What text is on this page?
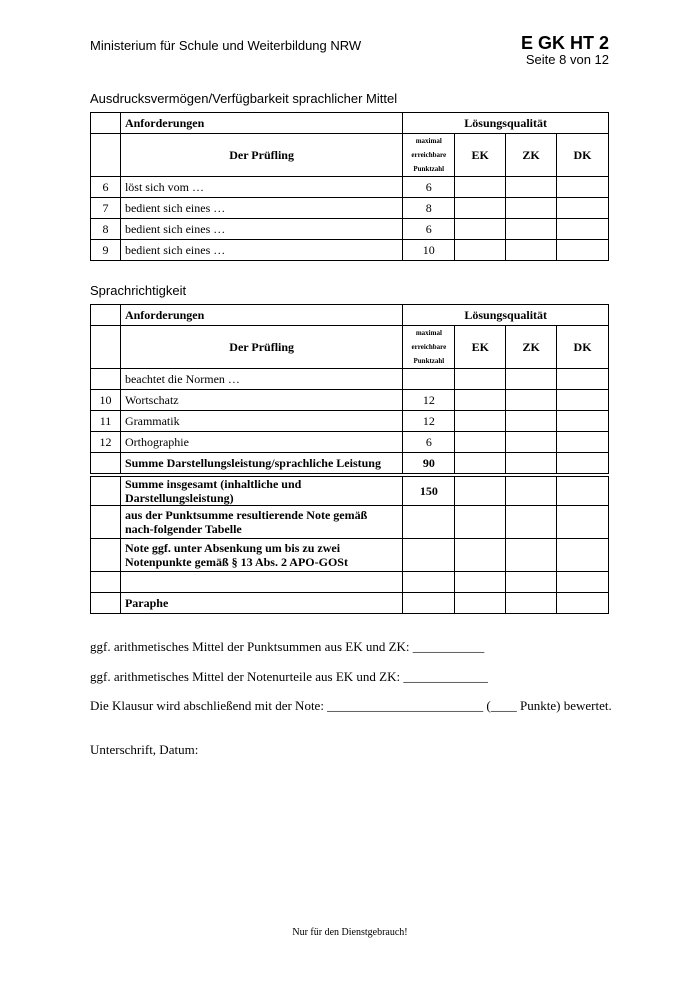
Ministerium für Schule und Weiterbildung NRW	E GK HT 2
Seite 8 von 12
Ausdrucksvermögen/Verfügbarkeit sprachlicher Mittel
	Anforderungen	Lösungsqualität			
	Der Prüfling	maximal erreichbare Punktzahl	EK	ZK	DK
6	löst sich vom …	6			
7	bedient sich eines …	8			
8	bedient sich eines …	6			
9	bedient sich eines …	10			
Sprachrichtigkeit
	Anforderungen	Lösungsqualität			
	Der Prüfling	maximal erreichbare Punktzahl	EK	ZK	DK
	beachtet die Normen …				
10	Wortschatz	12			
11	Grammatik	12			
12	Orthographie	6			
	Summe Darstellungsleistung/sprachliche Leistung	90			
	Summe insgesamt (inhaltliche und Darstellungsleistung)	150			
	aus der Punktsumme resultierende Note gemäß nach-folgender Tabelle				
	Note ggf. unter Absenkung um bis zu zwei Notenpunkte gemäß § 13 Abs. 2 APO-GOSt				

	Paraphe				
ggf. arithmetisches Mittel der Punktsummen aus EK und ZK: ___________
ggf. arithmetisches Mittel der Notenurteile aus EK und ZK: _____________
Die Klausur wird abschließend mit der Note: ________________________ (____ Punkte) bewertet.
Unterschrift, Datum:
Nur für den Dienstgebrauch!
